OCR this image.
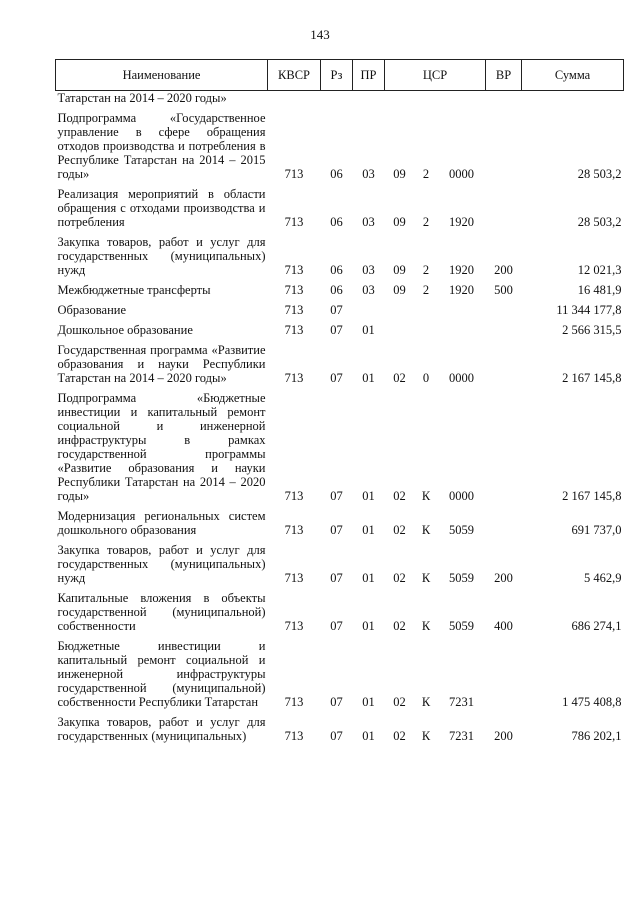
143
Наименование	КВСР	Рз	ПР	ЦСР			ВР	Сумма
Татарстан на 2014 – 2020 годы»								
Подпрограмма «Государственное управление в сфере обращения отходов производства и потребления в Республике Татарстан на 2014 – 2015 годы»	713	06	03	09	2	0000		28 503,2
Реализация мероприятий в области обращения с отходами производства и потребления	713	06	03	09	2	1920		28 503,2
Закупка товаров, работ и услуг для государственных (муниципальных) нужд	713	06	03	09	2	1920	200	12 021,3
Межбюджетные трансферты	713	06	03	09	2	1920	500	16 481,9
Образование	713	07						11 344 177,8
Дошкольное образование	713	07	01					2 566 315,5
Государственная программа «Развитие образования и науки Республики Татарстан на 2014 – 2020 годы»	713	07	01	02	0	0000		2 167 145,8
Подпрограмма «Бюджетные инвестиции и капитальный ремонт социальной и инженерной инфраструктуры в рамках государственной программы «Развитие образования и науки Республики Татарстан на 2014 – 2020 годы»	713	07	01	02	К	0000		2 167 145,8
Модернизация региональных систем дошкольного образования	713	07	01	02	К	5059		691 737,0
Закупка товаров, работ и услуг для государственных (муниципальных) нужд	713	07	01	02	К	5059	200	5 462,9
Капитальные вложения в объекты государственной (муниципальной) собственности	713	07	01	02	К	5059	400	686 274,1
Бюджетные инвестиции и капитальный ремонт социальной и инженерной инфраструктуры государственной (муниципальной) собственности Республики Татарстан	713	07	01	02	К	7231		1 475 408,8
Закупка товаров, работ и услуг для государственных (муниципальных)	713	07	01	02	К	7231	200	786 202,1
